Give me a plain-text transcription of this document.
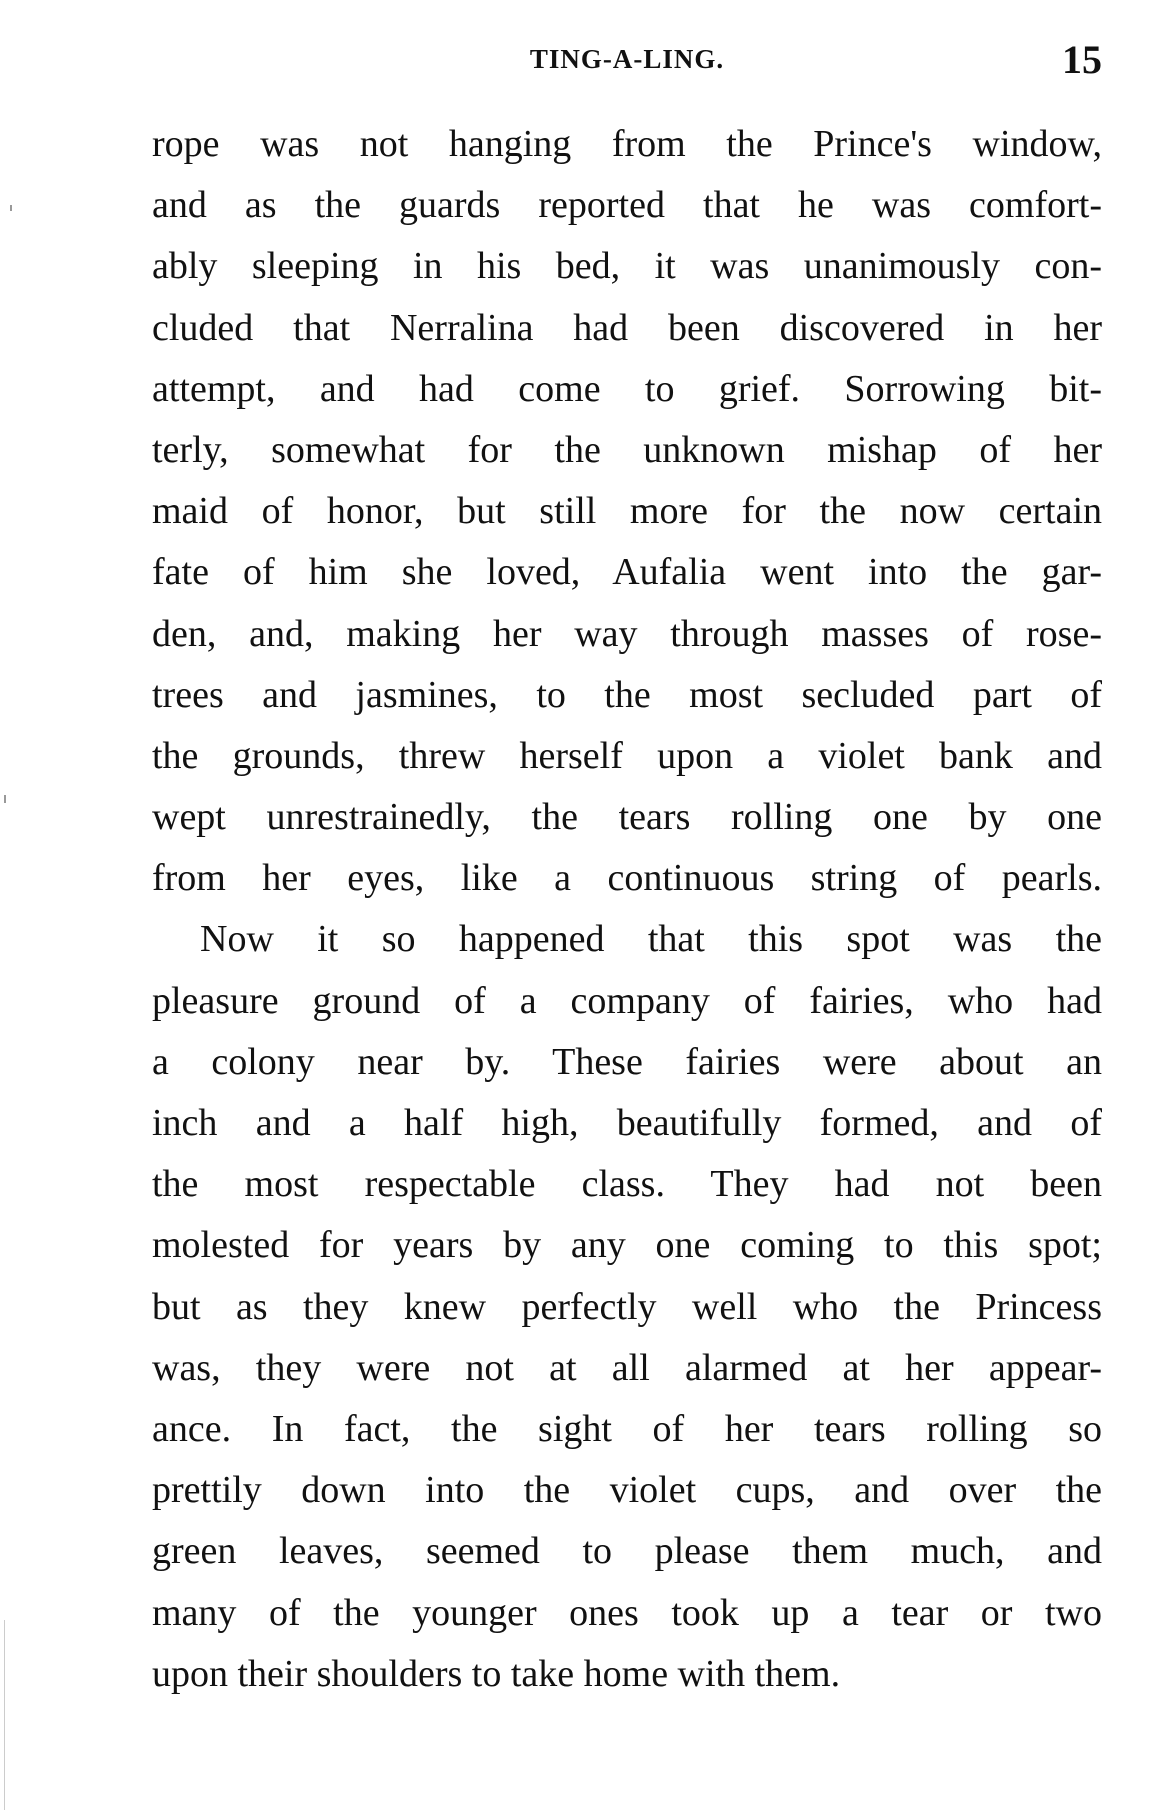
TING-A-LING.	15
rope was not hanging from the Prince's window,
and as the guards reported that he was comfort-
ably sleeping in his bed, it was unanimously con-
cluded that Nerralina had been discovered in her
attempt, and had come to grief. Sorrowing bit-
terly, somewhat for the unknown mishap of her
maid of honor, but still more for the now certain
fate of him she loved, Aufalia went into the gar-
den, and, making her way through masses of rose-
trees and jasmines, to the most secluded part of
the grounds, threw herself upon a violet bank and
wept unrestrainedly, the tears rolling one by one
from her eyes, like a continuous string of pearls.
Now it so happened that this spot was the
pleasure ground of a company of fairies, who had
a colony near by. These fairies were about an
inch and a half high, beautifully formed, and of
the most respectable class. They had not been
molested for years by any one coming to this spot;
but as they knew perfectly well who the Princess
was, they were not at all alarmed at her appear-
ance. In fact, the sight of her tears rolling so
prettily down into the violet cups, and over the
green leaves, seemed to please them much, and
many of the younger ones took up a tear or two
upon their shoulders to take home with them.
